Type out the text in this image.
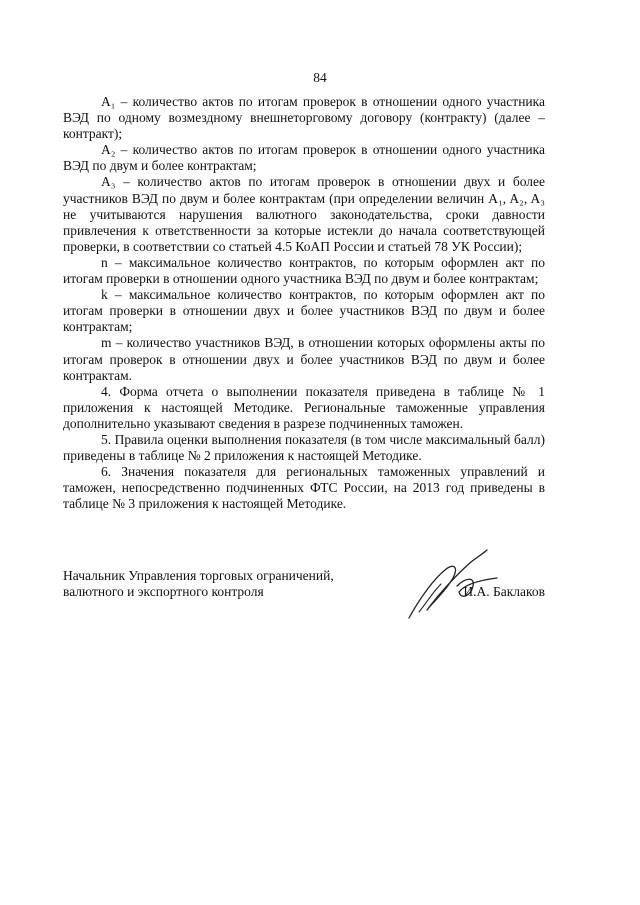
84

A₁ – количество актов по итогам проверок в отношении одного участника ВЭД по одному возмездному внешнеторговому договору (контракту) (далее – контракт);

A₂ – количество актов по итогам проверок в отношении одного участника ВЭД по двум и более контрактам;

A₃ – количество актов по итогам проверок в отношении двух и более участников ВЭД по двум и более контрактам (при определении величин A₁, A₂, A₃ не учитываются нарушения валютного законодательства, сроки давности привлечения к ответственности за которые истекли до начала соответствующей проверки, в соответствии со статьей 4.5 КоАП России и статьей 78 УК России);

n – максимальное количество контрактов, по которым оформлен акт по итогам проверки в отношении одного участника ВЭД по двум и более контрактам;

k – максимальное количество контрактов, по которым оформлен акт по итогам проверки в отношении двух и более участников ВЭД по двум и более контрактам;

m – количество участников ВЭД, в отношении которых оформлены акты по итогам проверок в отношении двух и более участников ВЭД по двум и более контрактам.

4. Форма отчета о выполнении показателя приведена в таблице № 1 приложения к настоящей Методике. Региональные таможенные управления дополнительно указывают сведения в разрезе подчиненных таможен.

5. Правила оценки выполнения показателя (в том числе максимальный балл) приведены в таблице № 2 приложения к настоящей Методике.

6. Значения показателя для региональных таможенных управлений и таможен, непосредственно подчиненных ФТС России, на 2013 год приведены в таблице № 3 приложения к настоящей Методике.

Начальник Управления торговых ограничений, валютного и экспортного контроля	И.А. Баклаков
